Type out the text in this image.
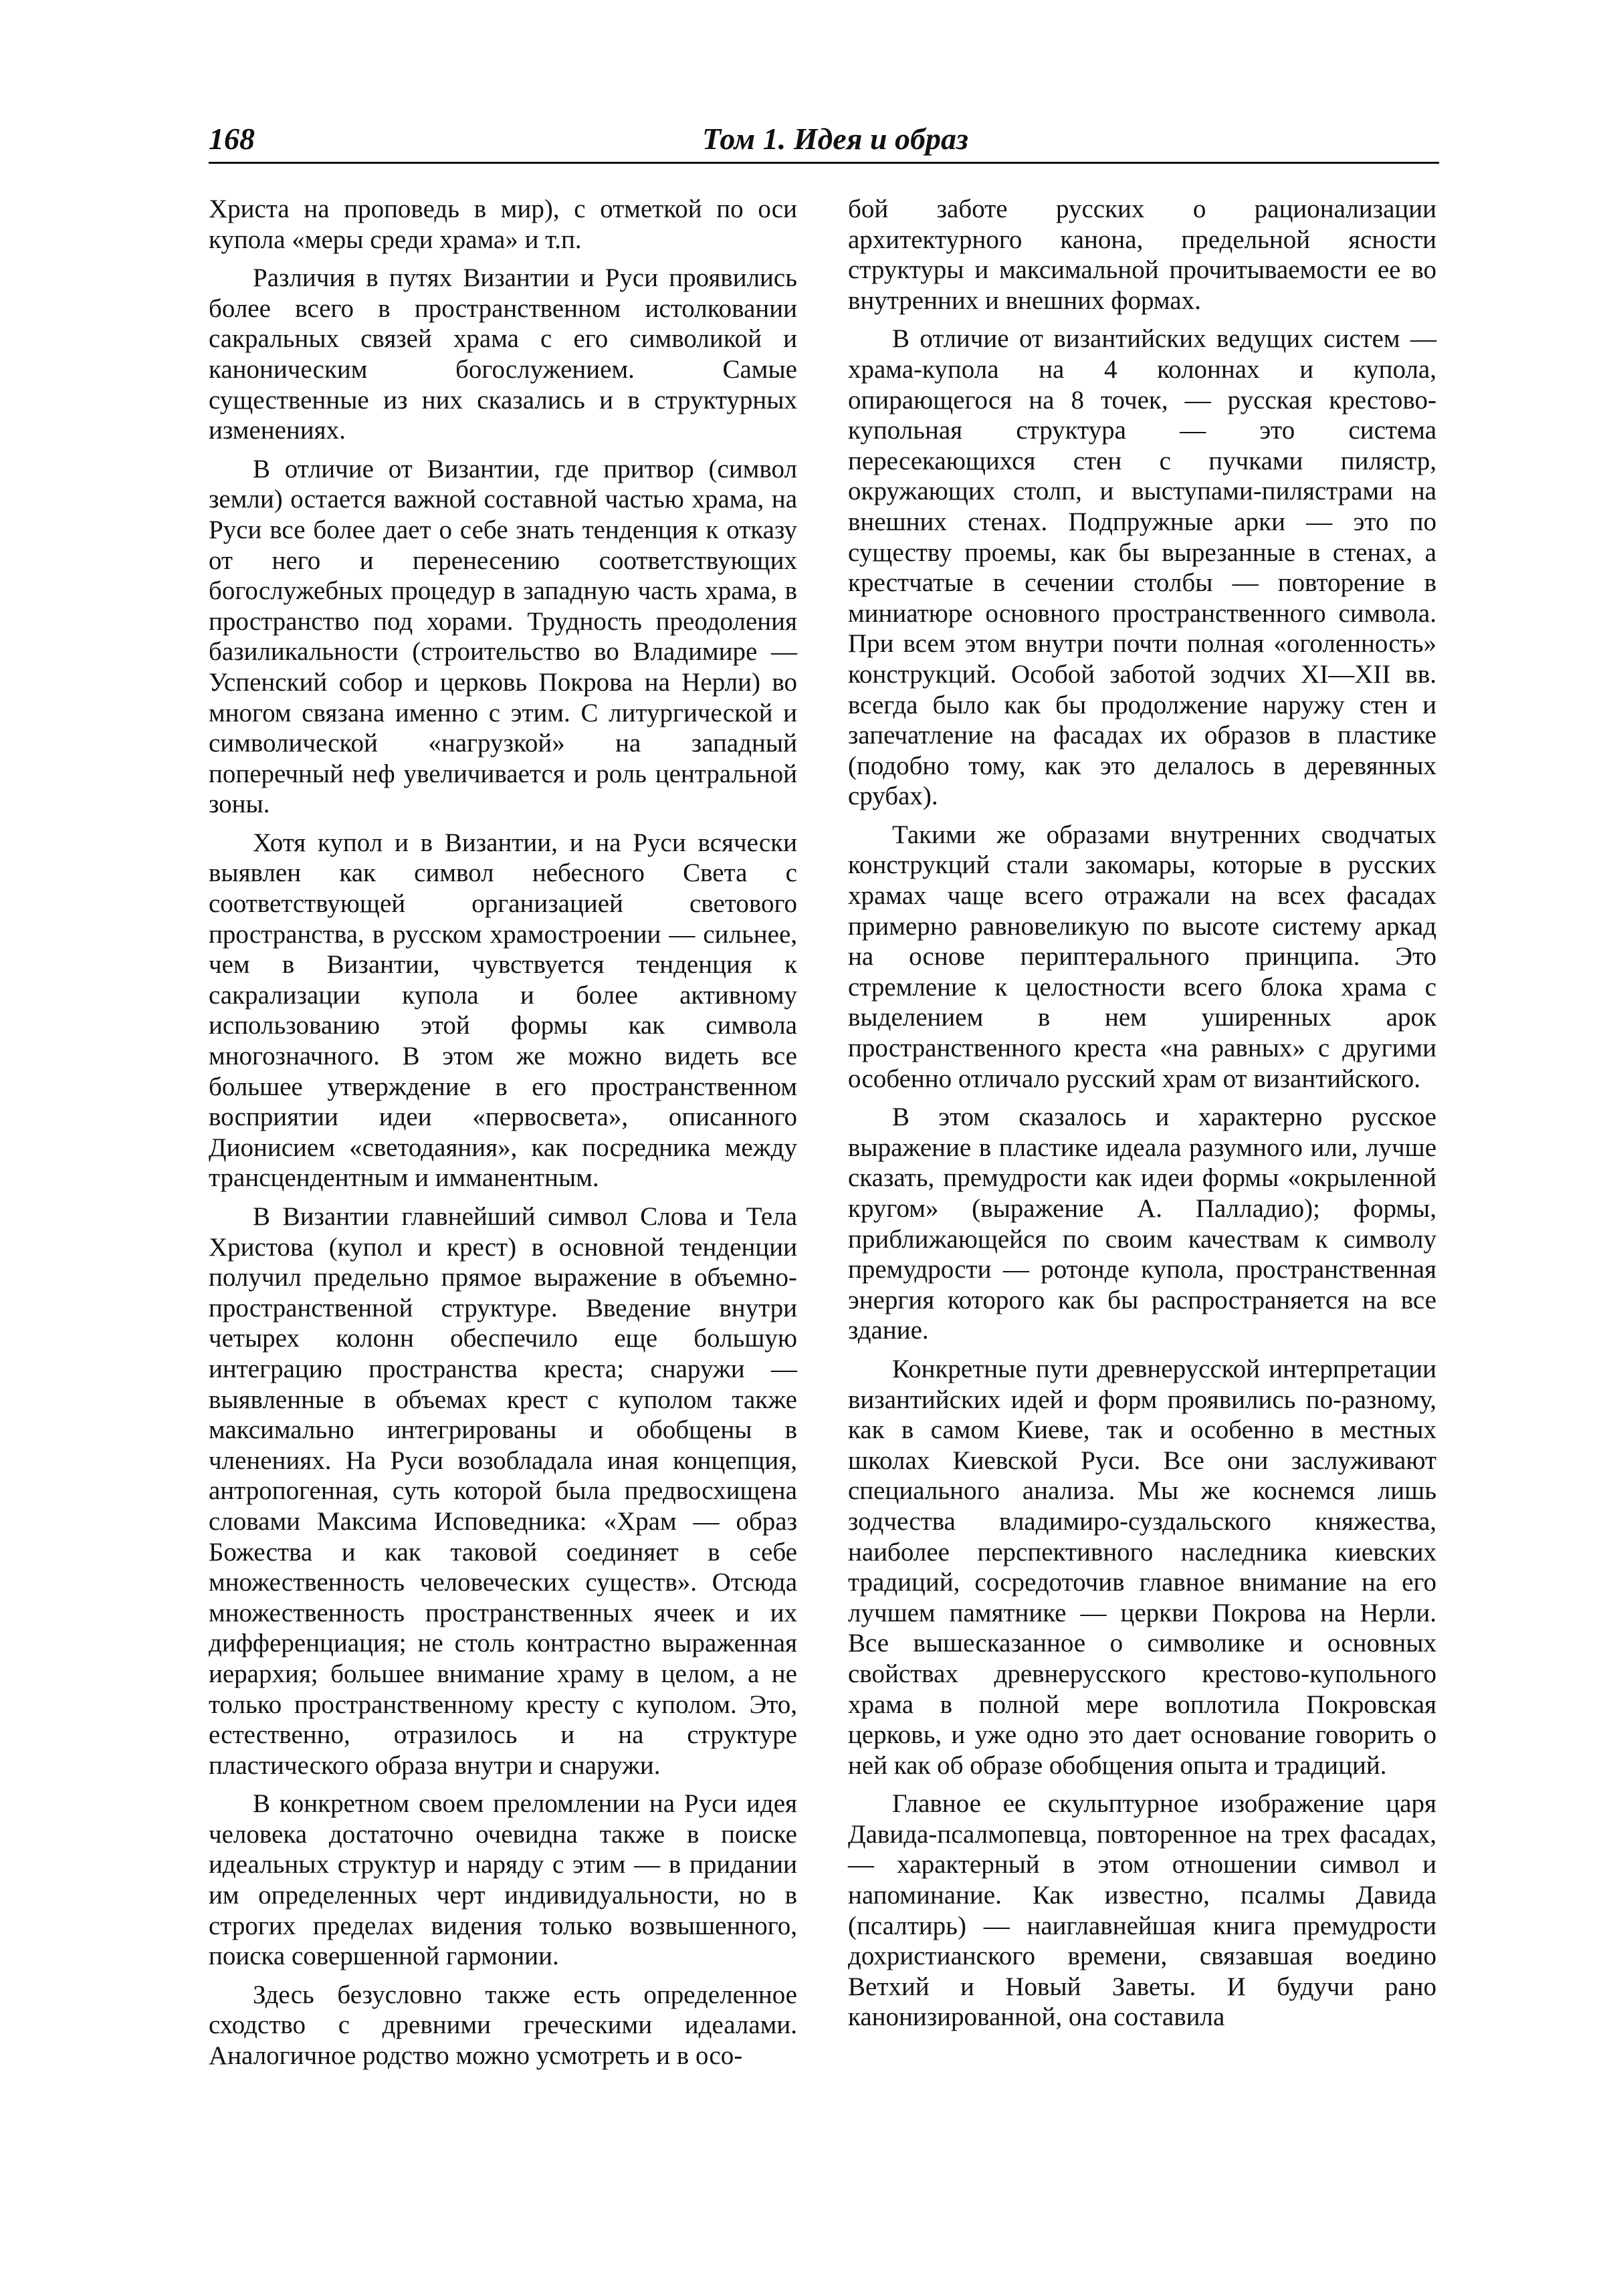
168	Том 1. Идея и образ

Христа на проповедь в мир), с отметкой по оси купола «меры среди храма» и т.п.

Различия в путях Византии и Руси проявились более всего в пространственном истолковании сакральных связей храма с его символикой и каноническим богослужением. Самые существенные из них сказались и в структурных изменениях.

В отличие от Византии, где притвор (символ земли) остается важной составной частью храма, на Руси все более дает о себе знать тенденция к отказу от него и перенесению соответствующих богослужебных процедур в западную часть храма, в пространство под хорами. Трудность преодоления базиликальности (строительство во Владимире — Успенский собор и церковь Покрова на Нерли) во многом связана именно с этим. С литургической и символической «нагрузкой» на западный поперечный неф увеличивается и роль центральной зоны.

Хотя купол и в Византии, и на Руси всячески выявлен как символ небесного Света с соответствующей организацией светового пространства, в русском храмостроении — сильнее, чем в Византии, чувствуется тенденция к сакрализации купола и более активному использованию этой формы как символа многозначного. В этом же можно видеть все большее утверждение в его пространственном восприятии идеи «первосвета», описанного Дионисием «светодаяния», как посредника между трансцендентным и имманентным.

В Византии главнейший символ Слова и Тела Христова (купол и крест) в основной тенденции получил предельно прямое выражение в объемно-пространственной структуре. Введение внутри четырех колонн обеспечило еще большую интеграцию пространства креста; снаружи — выявленные в объемах крест с куполом также максимально интегрированы и обобщены в членениях. На Руси возобладала иная концепция, антропогенная, суть которой была предвосхищена словами Максима Исповедника: «Храм — образ Божества и как таковой соединяет в себе множественность человеческих существ». Отсюда множественность пространственных ячеек и их дифференциация; не столь контрастно выраженная иерархия; большее внимание храму в целом, а не только пространственному кресту с куполом. Это, естественно, отразилось и на структуре пластического образа внутри и снаружи.

В конкретном своем преломлении на Руси идея человека достаточно очевидна также в поиске идеальных структур и наряду с этим — в придании им определенных черт индивидуальности, но в строгих пределах видения только возвышенного, поиска совершенной гармонии.

Здесь безусловно также есть определенное сходство с древними греческими идеалами. Аналогичное родство можно усмотреть и в осо-

бой заботе русских о рационализации архитектурного канона, предельной ясности структуры и максимальной прочитываемости ее во внутренних и внешних формах.

В отличие от византийских ведущих систем — храма-купола на 4 колоннах и купола, опирающегося на 8 точек, — русская крестово-купольная структура — это система пересекающихся стен с пучками пилястр, окружающих столп, и выступами-пилястрами на внешних стенах. Подпружные арки — это по существу проемы, как бы вырезанные в стенах, а крестчатые в сечении столбы — повторение в миниатюре основного пространственного символа. При всем этом внутри почти полная «оголенность» конструкций. Особой заботой зодчих XI—XII вв. всегда было как бы продолжение наружу стен и запечатление на фасадах их образов в пластике (подобно тому, как это делалось в деревянных срубах).

Такими же образами внутренних сводчатых конструкций стали закомары, которые в русских храмах чаще всего отражали на всех фасадах примерно равновеликую по высоте систему аркад на основе периптерального принципа. Это стремление к целостности всего блока храма с выделением в нем уширенных арок пространственного креста «на равных» с другими особенно отличало русский храм от византийского.

В этом сказалось и характерно русское выражение в пластике идеала разумного или, лучше сказать, премудрости как идеи формы «окрыленной кругом» (выражение А. Палладио); формы, приближающейся по своим качествам к символу премудрости — ротонде купола, пространственная энергия которого как бы распространяется на все здание.

Конкретные пути древнерусской интерпретации византийских идей и форм проявились по-разному, как в самом Киеве, так и особенно в местных школах Киевской Руси. Все они заслуживают специального анализа. Мы же коснемся лишь зодчества владимиро-суздальского княжества, наиболее перспективного наследника киевских традиций, сосредоточив главное внимание на его лучшем памятнике — церкви Покрова на Нерли. Все вышесказанное о символике и основных свойствах древнерусского крестово-купольного храма в полной мере воплотила Покровская церковь, и уже одно это дает основание говорить о ней как об образе обобщения опыта и традиций.

Главное ее скульптурное изображение царя Давида-псалмопевца, повторенное на трех фасадах, — характерный в этом отношении символ и напоминание. Как известно, псалмы Давида (псалтирь) — наиглавнейшая книга премудрости дохристианского времени, связавшая воедино Ветхий и Новый Заветы. И будучи рано канонизированной, она составила
